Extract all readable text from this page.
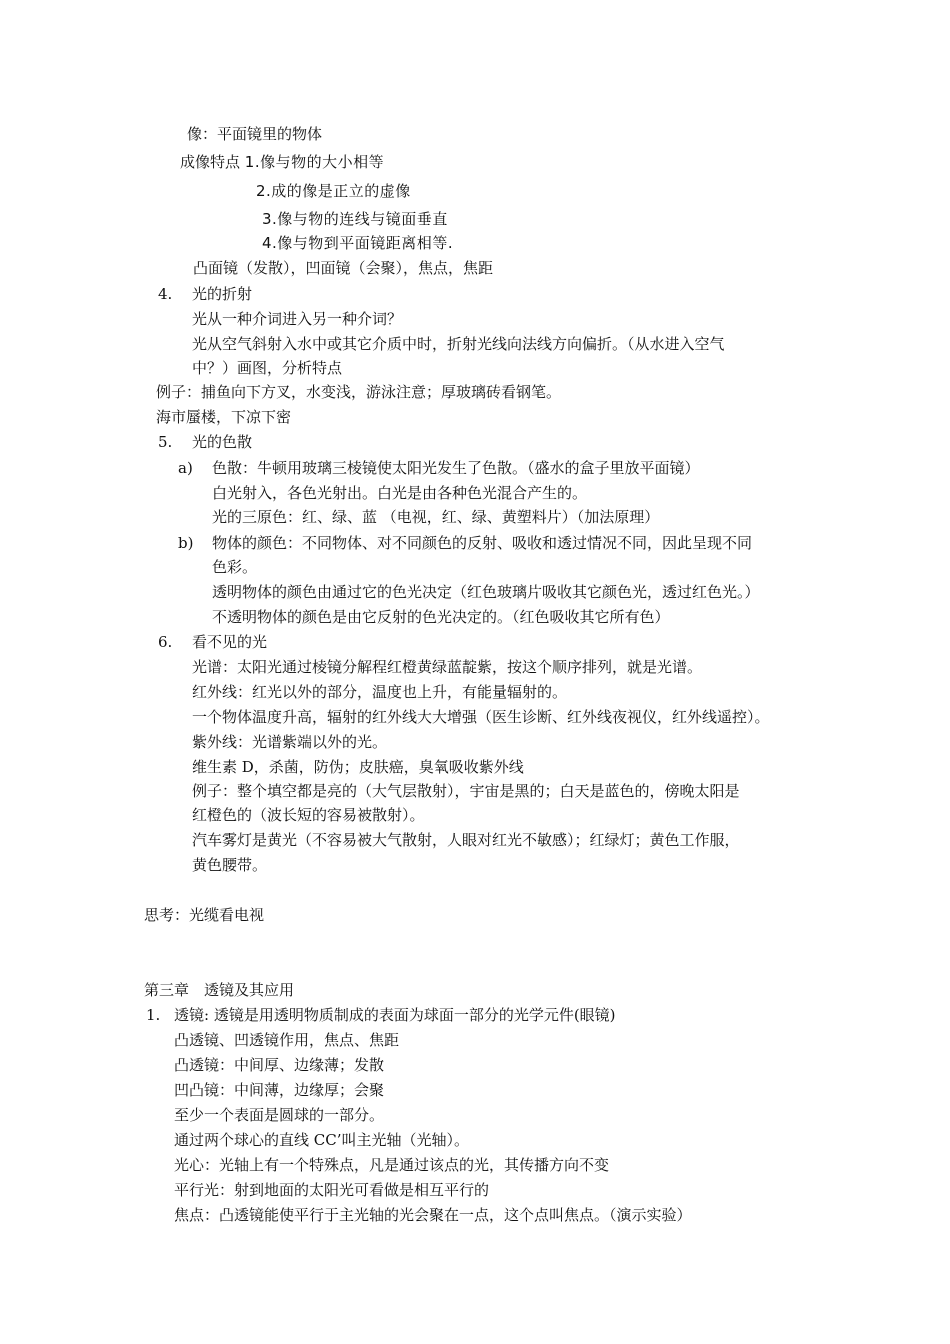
像：平面镜里的物体
成像特点 1.像与物的大小相等
2.成的像是正立的虚像
3.像与物的连线与镜面垂直
4.像与物到平面镜距离相等.
凸面镜（发散），凹面镜（会聚），焦点，焦距
4. 光的折射
光从一种介词进入另一种介词？
光从空气斜射入水中或其它介质中时，折射光线向法线方向偏折。（从水进入空气
中？）画图，分析特点
例子：捕鱼向下方叉，水变浅，游泳注意；厚玻璃砖看钢笔。
海市蜃楼，下凉下密
5. 光的色散
a) 色散：牛顿用玻璃三棱镜使太阳光发生了色散。（盛水的盒子里放平面镜）
白光射入，各色光射出。白光是由各种色光混合产生的。
光的三原色：红、绿、蓝 （电视，红、绿、黄塑料片）（加法原理）
b) 物体的颜色：不同物体、对不同颜色的反射、吸收和透过情况不同，因此呈现不同
色彩。
透明物体的颜色由通过它的色光决定（红色玻璃片吸收其它颜色光，透过红色光。）
不透明物体的颜色是由它反射的色光决定的。（红色吸收其它所有色）
6. 看不见的光
光谱：太阳光通过棱镜分解程红橙黄绿蓝靛紫，按这个顺序排列，就是光谱。
红外线：红光以外的部分，温度也上升，有能量辐射的。
一个物体温度升高，辐射的红外线大大增强（医生诊断、红外线夜视仪，红外线遥控）。
紫外线：光谱紫端以外的光。
维生素 D，杀菌，防伪；皮肤癌，臭氧吸收紫外线
例子：整个填空都是亮的（大气层散射），宇宙是黑的；白天是蓝色的，傍晚太阳是
红橙色的（波长短的容易被散射）。
汽车雾灯是黄光（不容易被大气散射，人眼对红光不敏感）；红绿灯；黄色工作服，
黄色腰带。
思考：光缆看电视
第三章　透镜及其应用
1. 透镜: 透镜是用透明物质制成的表面为球面一部分的光学元件(眼镜)
凸透镜、凹透镜作用，焦点、焦距
凸透镜：中间厚、边缘薄；发散
凹凸镜：中间薄，边缘厚；会聚
至少一个表面是圆球的一部分。
通过两个球心的直线 CC’叫主光轴（光轴）。
光心：光轴上有一个特殊点，凡是通过该点的光，其传播方向不变
平行光：射到地面的太阳光可看做是相互平行的
焦点：凸透镜能使平行于主光轴的光会聚在一点，这个点叫焦点。（演示实验）
